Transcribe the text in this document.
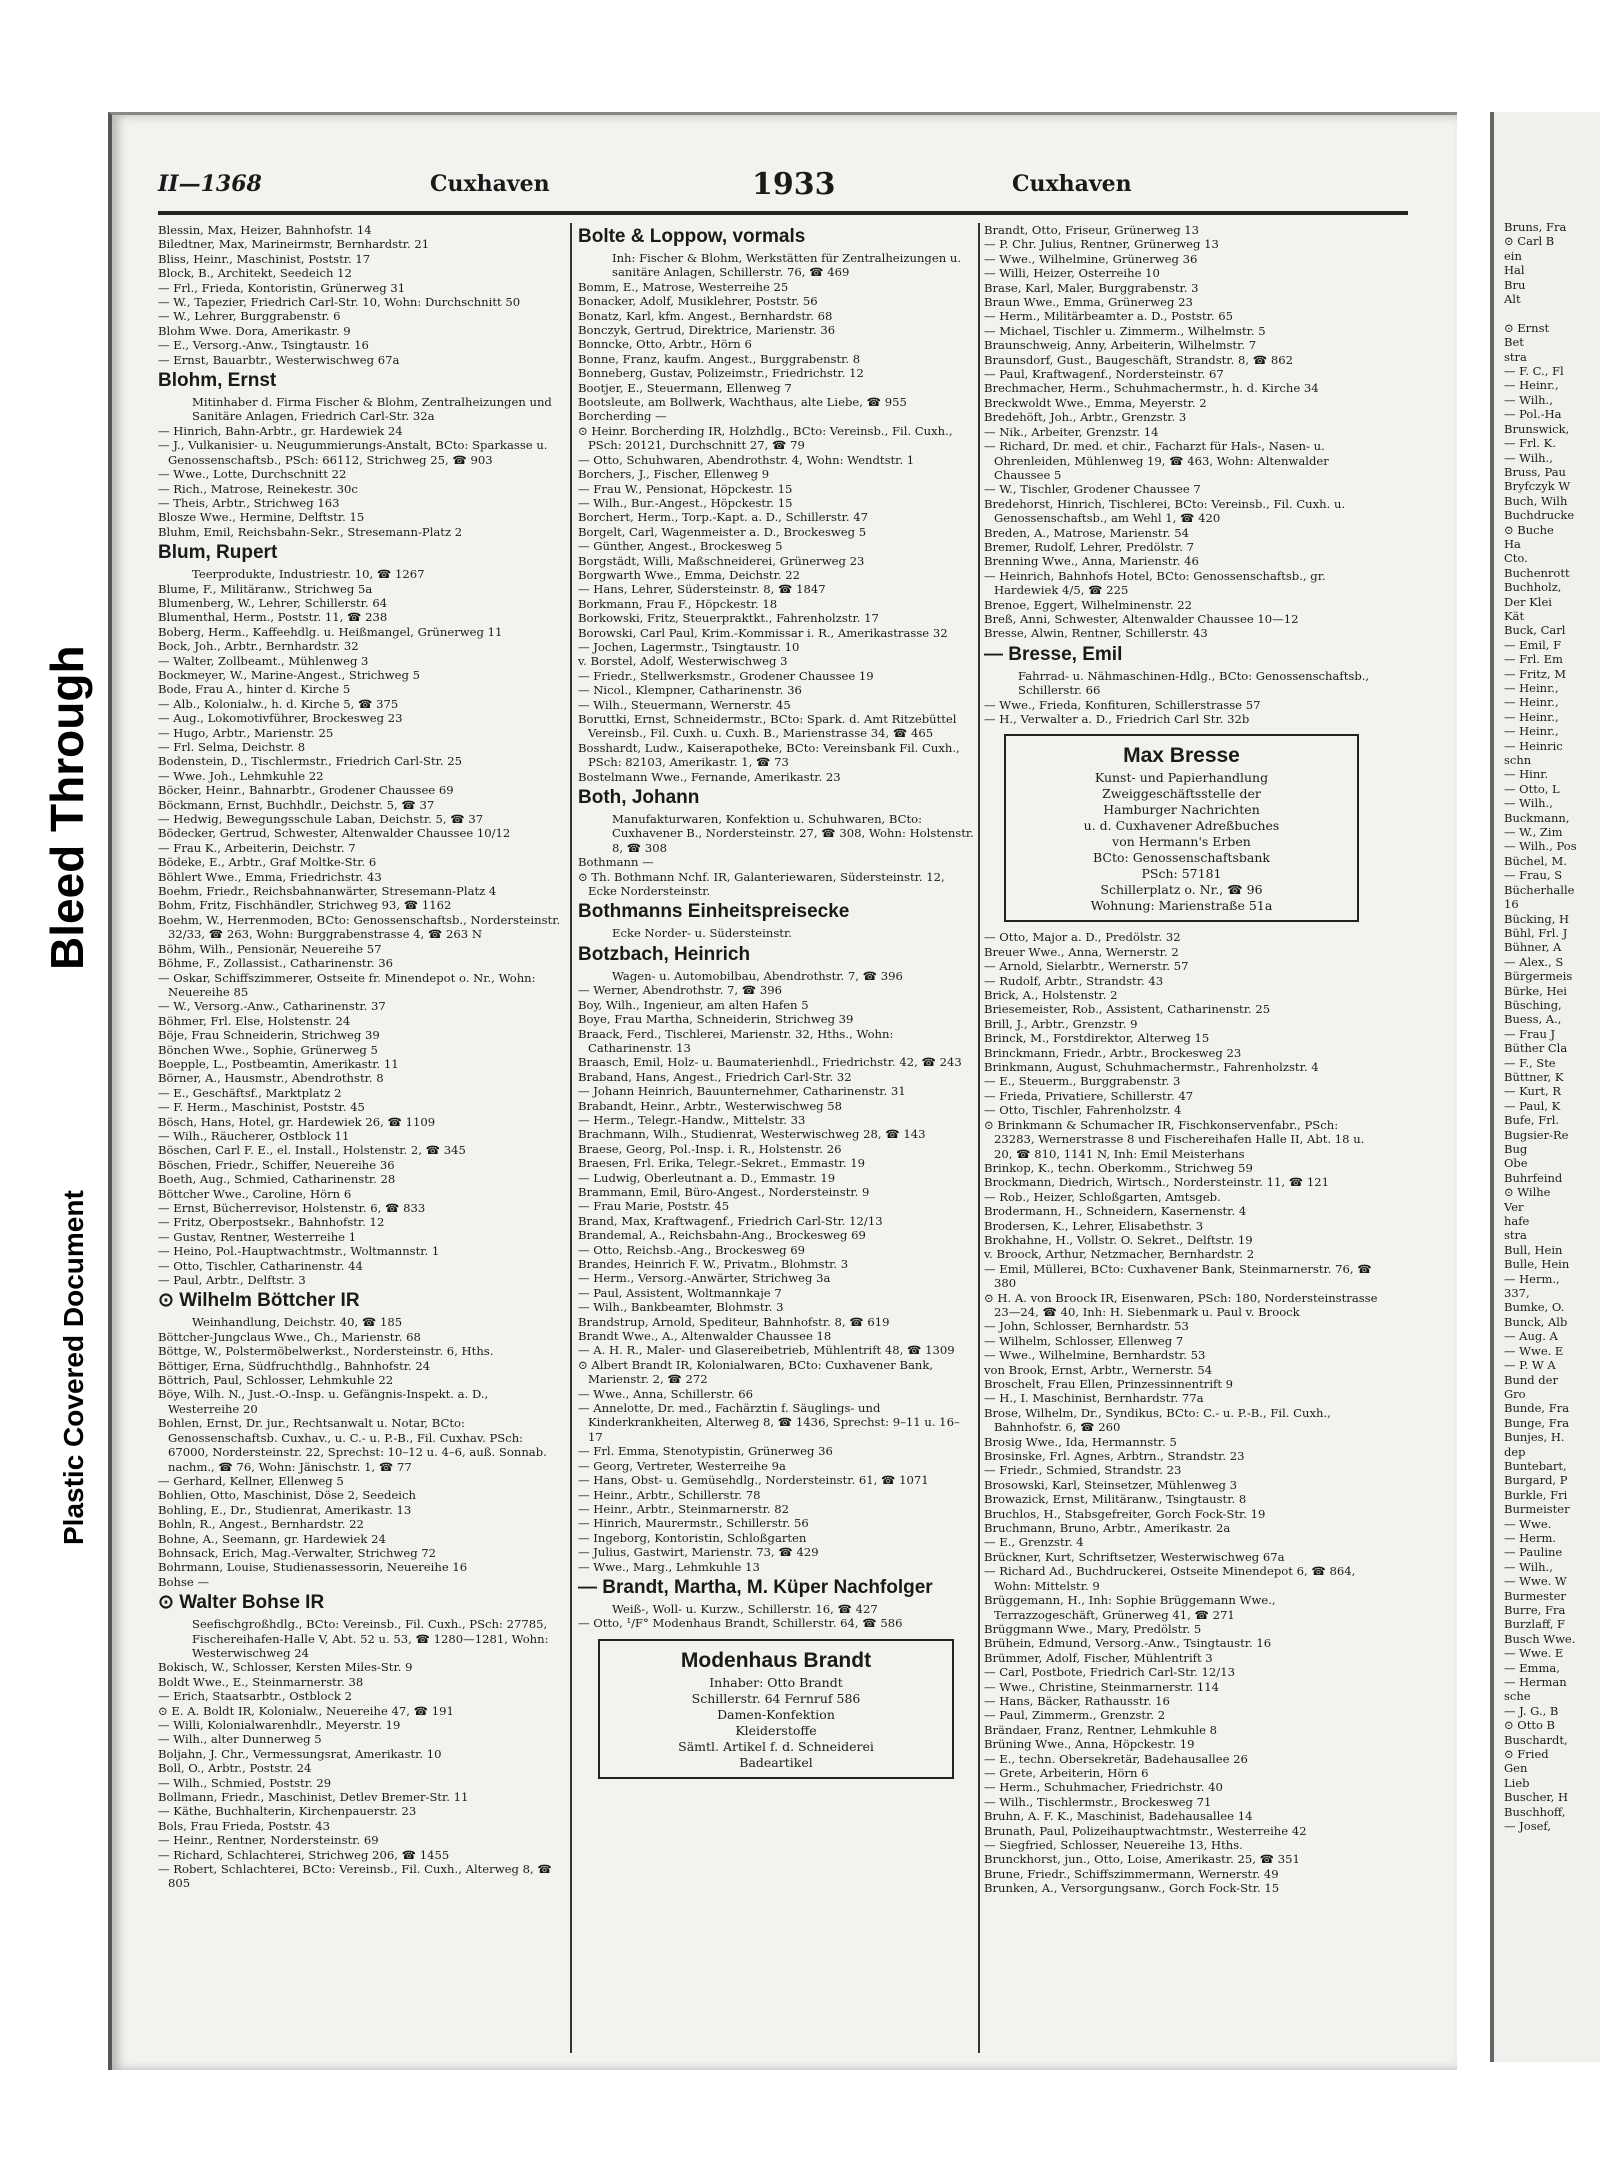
Bleed Through
Plastic Covered Document
II—1368	Cuxhaven	1933	Cuxhaven
Blessin, Max, Heizer, Bahnhofstr. 14
Biledtner, Max, Marineirmstr, Bernhardstr. 21
Bliss, Heinr., Maschinist, Poststr. 17
Block, B., Architekt, Seedeich 12
— Frl., Frieda, Kontoristin, Grünerweg 31
— W., Tapezier, Friedrich Carl-Str. 10, Wohn: Durchschnitt 50
— W., Lehrer, Burggrabenstr. 6
Blohm Wwe. Dora, Amerikastr. 9
— E., Versorg.-Anw., Tsingtaustr. 16
— Ernst, Bauarbtr., Westerwischweg 67a
Blohm, Ernst
Mitinhaber d. Firma Fischer & Blohm, Zentralheizungen und Sanitäre Anlagen, Friedrich Carl-Str. 32a
— Hinrich, Bahn-Arbtr., gr. Hardewiek 24
— J., Vulkanisier- u. Neugummierungs-Anstalt, BCto: Sparkasse u. Genossenschaftsb., PSch: 66112, Strichweg 25, ☎ 903
— Wwe., Lotte, Durchschnitt 22
— Rich., Matrose, Reinekestr. 30c
— Theis, Arbtr., Strichweg 163
Blosze Wwe., Hermine, Delftstr. 15
Bluhm, Emil, Reichsbahn-Sekr., Stresemann-Platz 2
Blum, Rupert
Teerprodukte, Industriestr. 10, ☎ 1267
Blume, F., Militäranw., Strichweg 5a
Blumenberg, W., Lehrer, Schillerstr. 64
Blumenthal, Herm., Poststr. 11, ☎ 238
Boberg, Herm., Kaffeehdlg. u. Heißmangel, Grünerweg 11
Bock, Joh., Arbtr., Bernhardstr. 32
— Walter, Zollbeamt., Mühlenweg 3
Bockmeyer, W., Marine-Angest., Strichweg 5
Bode, Frau A., hinter d. Kirche 5
— Alb., Kolonialw., h. d. Kirche 5, ☎ 375
— Aug., Lokomotivführer, Brockesweg 23
— Hugo, Arbtr., Marienstr. 25
— Frl. Selma, Deichstr. 8
Bodenstein, D., Tischlermstr., Friedrich Carl-Str. 25
— Wwe. Joh., Lehmkuhle 22
Böcker, Heinr., Bahnarbtr., Grodener Chaussee 69
Böckmann, Ernst, Buchhdlr., Deichstr. 5, ☎ 37
— Hedwig, Bewegungsschule Laban, Deichstr. 5, ☎ 37
Bödecker, Gertrud, Schwester, Altenwalder Chaussee 10/12
— Frau K., Arbeiterin, Deichstr. 7
Bödeke, E., Arbtr., Graf Moltke-Str. 6
Böhlert Wwe., Emma, Friedrichstr. 43
Boehm, Friedr., Reichsbahnanwärter, Stresemann-Platz 4
Bohm, Fritz, Fischhändler, Strichweg 93, ☎ 1162
Boehm, W., Herrenmoden, BCto: Genossenschaftsb., Nordersteinstr. 32/33, ☎ 263, Wohn: Burggrabenstrasse 4, ☎ 263 N
Böhm, Wilh., Pensionär, Neuereihe 57
Böhme, F., Zollassist., Catharinenstr. 36
— Oskar, Schiffszimmerer, Ostseite fr. Minendepot o. Nr., Wohn: Neuereihe 85
— W., Versorg.-Anw., Catharinenstr. 37
Böhmer, Frl. Else, Holstenstr. 24
Böje, Frau Schneiderin, Strichweg 39
Bönchen Wwe., Sophie, Grünerweg 5
Boepple, L., Postbeamtin, Amerikastr. 11
Börner, A., Hausmstr., Abendrothstr. 8
— E., Geschäftsf., Marktplatz 2
— F. Herm., Maschinist, Poststr. 45
Bösch, Hans, Hotel, gr. Hardewiek 26, ☎ 1109
— Wilh., Räucherer, Ostblock 11
Böschen, Carl F. E., el. Install., Holstenstr. 2, ☎ 345
Böschen, Friedr., Schiffer, Neuereihe 36
Boeth, Aug., Schmied, Catharinenstr. 28
Böttcher Wwe., Caroline, Hörn 6
— Ernst, Bücherrevisor, Holstenstr. 6, ☎ 833
— Fritz, Oberpostsekr., Bahnhofstr. 12
— Gustav, Rentner, Westerreihe 1
— Heino, Pol.-Hauptwachtmstr., Woltmannstr. 1
— Otto, Tischler, Catharinenstr. 44
— Paul, Arbtr., Delftstr. 3
⊙ Wilhelm Böttcher IR
Weinhandlung, Deichstr. 40, ☎ 185
Böttcher-Jungclaus Wwe., Ch., Marienstr. 68
Böttge, W., Polstermöbelwerkst., Nordersteinstr. 6, Hths.
Böttiger, Erna, Südfruchthdlg., Bahnhofstr. 24
Böttrich, Paul, Schlosser, Lehmkuhle 22
Böye, Wilh. N., Just.-O.-Insp. u. Gefängnis-Inspekt. a. D., Westerreihe 20
Bohlen, Ernst, Dr. jur., Rechtsanwalt u. Notar, BCto: Genossenschaftsb. Cuxhav., u. C.- u. P.-B., Fil. Cuxhav. PSch: 67000, Nordersteinstr. 22, Sprechst: 10–12 u. 4–6, auß. Sonnab. nachm., ☎ 76, Wohn: Jänischstr. 1, ☎ 77
— Gerhard, Kellner, Ellenweg 5
Bohlien, Otto, Maschinist, Döse 2, Seedeich
Bohling, E., Dr., Studienrat, Amerikastr. 13
Bohln, R., Angest., Bernhardstr. 22
Bohne, A., Seemann, gr. Hardewiek 24
Bohnsack, Erich, Mag.-Verwalter, Strichweg 72
Bohrmann, Louise, Studienassessorin, Neuereihe 16
Bohse —
⊙ Walter Bohse IR
Seefischgroßhdlg., BCto: Vereinsb., Fil. Cuxh., PSch: 27785, Fischereihafen-Halle V, Abt. 52 u. 53, ☎ 1280—1281, Wohn: Westerwischweg 24
Bokisch, W., Schlosser, Kersten Miles-Str. 9
Boldt Wwe., E., Steinmarnerstr. 38
— Erich, Staatsarbtr., Ostblock 2
⊙ E. A. Boldt IR, Kolonialw., Neuereihe 47, ☎ 191
— Willi, Kolonialwarenhdlr., Meyerstr. 19
— Wilh., alter Dunnerweg 5
Boljahn, J. Chr., Vermessungsrat, Amerikastr. 10
Boll, O., Arbtr., Poststr. 24
— Wilh., Schmied, Poststr. 29
Bollmann, Friedr., Maschinist, Detlev Bremer-Str. 11
— Käthe, Buchhalterin, Kirchenpauerstr. 23
Bols, Frau Frieda, Poststr. 43
— Heinr., Rentner, Nordersteinstr. 69
— Richard, Schlachterei, Strichweg 206, ☎ 1455
— Robert, Schlachterei, BCto: Vereinsb., Fil. Cuxh., Alterweg 8, ☎ 805
Bolte & Loppow, vormals
Inh: Fischer & Blohm, Werkstätten für Zentralheizungen u. sanitäre Anlagen, Schillerstr. 76, ☎ 469
Bomm, E., Matrose, Westerreihe 25
Bonacker, Adolf, Musiklehrer, Poststr. 56
Bonatz, Karl, kfm. Angest., Bernhardstr. 68
Bonczyk, Gertrud, Direktrice, Marienstr. 36
Bonncke, Otto, Arbtr., Hörn 6
Bonne, Franz, kaufm. Angest., Burggrabenstr. 8
Bonneberg, Gustav, Polizeimstr., Friedrichstr. 12
Bootjer, E., Steuermann, Ellenweg 7
Bootsleute, am Bollwerk, Wachthaus, alte Liebe, ☎ 955
Borcherding —
⊙ Heinr. Borcherding IR, Holzhdlg., BCto: Vereinsb., Fil. Cuxh., PSch: 20121, Durchschnitt 27, ☎ 79
— Otto, Schuhwaren, Abendrothstr. 4, Wohn: Wendtstr. 1
Borchers, J., Fischer, Ellenweg 9
— Frau W., Pensionat, Höpckestr. 15
— Wilh., Bur.-Angest., Höpckestr. 15
Borchert, Herm., Torp.-Kapt. a. D., Schillerstr. 47
Borgelt, Carl, Wagenmeister a. D., Brockesweg 5
— Günther, Angest., Brockesweg 5
Borgstädt, Willi, Maßschneiderei, Grünerweg 23
Borgwarth Wwe., Emma, Deichstr. 22
— Hans, Lehrer, Südersteinstr. 8, ☎ 1847
Borkmann, Frau F., Höpckestr. 18
Borkowski, Fritz, Steuerpraktkt., Fahrenholzstr. 17
Borowski, Carl Paul, Krim.-Kommissar i. R., Amerikastrasse 32
— Jochen, Lagermstr., Tsingtaustr. 10
v. Borstel, Adolf, Westerwischweg 3
— Friedr., Stellwerksmstr., Grodener Chaussee 19
— Nicol., Klempner, Catharinenstr. 36
— Wilh., Steuermann, Wernerstr. 45
Boruttki, Ernst, Schneidermstr., BCto: Spark. d. Amt Ritzebüttel Vereinsb., Fil. Cuxh. u. Cuxh. B., Marienstrasse 34, ☎ 465
Bosshardt, Ludw., Kaiserapotheke, BCto: Vereinsbank Fil. Cuxh., PSch: 82103, Amerikastr. 1, ☎ 73
Bostelmann Wwe., Fernande, Amerikastr. 23
Both, Johann
Manufakturwaren, Konfektion u. Schuhwaren, BCto: Cuxhavener B., Nordersteinstr. 27, ☎ 308, Wohn: Holstenstr. 8, ☎ 308
Bothmann —
⊙ Th. Bothmann Nchf. IR, Galanteriewaren, Südersteinstr. 12, Ecke Nordersteinstr.
Bothmanns Einheitspreisecke
Ecke Norder- u. Südersteinstr.
Botzbach, Heinrich
Wagen- u. Automobilbau, Abendrothstr. 7, ☎ 396
— Werner, Abendrothstr. 7, ☎ 396
Boy, Wilh., Ingenieur, am alten Hafen 5
Boye, Frau Martha, Schneiderin, Strichweg 39
Braack, Ferd., Tischlerei, Marienstr. 32, Hths., Wohn: Catharinenstr. 13
Braasch, Emil, Holz- u. Baumaterienhdl., Friedrichstr. 42, ☎ 243
Braband, Hans, Angest., Friedrich Carl-Str. 32
— Johann Heinrich, Bauunternehmer, Catharinenstr. 31
Brabandt, Heinr., Arbtr., Westerwischweg 58
— Herm., Telegr.-Handw., Mittelstr. 33
Brachmann, Wilh., Studienrat, Westerwischweg 28, ☎ 143
Braese, Georg, Pol.-Insp. i. R., Holstenstr. 26
Braesen, Frl. Erika, Telegr.-Sekret., Emmastr. 19
— Ludwig, Oberleutnant a. D., Emmastr. 19
Brammann, Emil, Büro-Angest., Nordersteinstr. 9
— Frau Marie, Poststr. 45
Brand, Max, Kraftwagenf., Friedrich Carl-Str. 12/13
Brandemal, A., Reichsbahn-Ang., Brockesweg 69
— Otto, Reichsb.-Ang., Brockesweg 69
Brandes, Heinrich F. W., Privatm., Blohmstr. 3
— Herm., Versorg.-Anwärter, Strichweg 3a
— Paul, Assistent, Woltmannkaje 7
— Wilh., Bankbeamter, Blohmstr. 3
Brandstrup, Arnold, Spediteur, Bahnhofstr. 8, ☎ 619
Brandt Wwe., A., Altenwalder Chaussee 18
— A. H. R., Maler- und Glasereibetrieb, Mühlentrift 48, ☎ 1309
⊙ Albert Brandt IR, Kolonialwaren, BCto: Cuxhavener Bank, Marienstr. 2, ☎ 272
— Wwe., Anna, Schillerstr. 66
— Annelotte, Dr. med., Fachärztin f. Säuglings- und Kinderkrankheiten, Alterweg 8, ☎ 1436, Sprechst: 9–11 u. 16–17
— Frl. Emma, Stenotypistin, Grünerweg 36
— Georg, Vertreter, Westerreihe 9a
— Hans, Obst- u. Gemüsehdlg., Nordersteinstr. 61, ☎ 1071
— Heinr., Arbtr., Schillerstr. 78
— Heinr., Arbtr., Steinmarnerstr. 82
— Hinrich, Maurermstr., Schillerstr. 56
— Ingeborg, Kontoristin, Schloßgarten
— Julius, Gastwirt, Marienstr. 73, ☎ 429
— Wwe., Marg., Lehmkuhle 13
— Brandt, Martha, M. Küper Nachfolger
Weiß-, Woll- u. Kurzw., Schillerstr. 16, ☎ 427
— Otto, ¹/F° Modenhaus Brandt, Schillerstr. 64, ☎ 586
Modenhaus Brandt
Inhaber: Otto Brandt
Schillerstr. 64 Fernruf 586
Damen-Konfektion
Kleiderstoffe
Sämtl. Artikel f. d. Schneiderei
Badeartikel
Brandt, Otto, Friseur, Grünerweg 13
— P. Chr. Julius, Rentner, Grünerweg 13
— Wwe., Wilhelmine, Grünerweg 36
— Willi, Heizer, Osterreihe 10
Brase, Karl, Maler, Burggrabenstr. 3
Braun Wwe., Emma, Grünerweg 23
— Herm., Militärbeamter a. D., Poststr. 65
— Michael, Tischler u. Zimmerm., Wilhelmstr. 5
Braunschweig, Anny, Arbeiterin, Wilhelmstr. 7
Braunsdorf, Gust., Baugeschäft, Strandstr. 8, ☎ 862
— Paul, Kraftwagenf., Nordersteinstr. 67
Brechmacher, Herm., Schuhmachermstr., h. d. Kirche 34
Breckwoldt Wwe., Emma, Meyerstr. 2
Bredehöft, Joh., Arbtr., Grenzstr. 3
— Nik., Arbeiter, Grenzstr. 14
— Richard, Dr. med. et chir., Facharzt für Hals-, Nasen- u. Ohrenleiden, Mühlenweg 19, ☎ 463, Wohn: Altenwalder Chaussee 5
— W., Tischler, Grodener Chaussee 7
Bredehorst, Hinrich, Tischlerei, BCto: Vereinsb., Fil. Cuxh. u. Genossenschaftsb., am Wehl 1, ☎ 420
Breden, A., Matrose, Marienstr. 54
Bremer, Rudolf, Lehrer, Predölstr. 7
Brenning Wwe., Anna, Marienstr. 46
— Heinrich, Bahnhofs Hotel, BCto: Genossenschaftsb., gr. Hardewiek 4/5, ☎ 225
Brenoe, Eggert, Wilhelminenstr. 22
Breß, Anni, Schwester, Altenwalder Chaussee 10—12
Bresse, Alwin, Rentner, Schillerstr. 43
— Bresse, Emil
Fahrrad- u. Nähmaschinen-Hdlg., BCto: Genossenschaftsb., Schillerstr. 66
— Wwe., Frieda, Konfituren, Schillerstrasse 57
— H., Verwalter a. D., Friedrich Carl Str. 32b
Max Bresse
Kunst- und Papierhandlung
Zweiggeschäftsstelle der
Hamburger Nachrichten
u. d. Cuxhavener Adreßbuches
von Hermann's Erben
BCto: Genossenschaftsbank
PSch: 57181
Schillerplatz o. Nr., ☎ 96
Wohnung: Marienstraße 51a
— Otto, Major a. D., Predölstr. 32
Breuer Wwe., Anna, Wernerstr. 2
— Arnold, Sielarbtr., Wernerstr. 57
— Rudolf, Arbtr., Strandstr. 43
Brick, A., Holstenstr. 2
Briesemeister, Rob., Assistent, Catharinenstr. 25
Brill, J., Arbtr., Grenzstr. 9
Brinck, M., Forstdirektor, Alterweg 15
Brinckmann, Friedr., Arbtr., Brockesweg 23
Brinkmann, August, Schuhmachermstr., Fahrenholzstr. 4
— E., Steuerm., Burggrabenstr. 3
— Frieda, Privatiere, Schillerstr. 47
— Otto, Tischler, Fahrenholzstr. 4
⊙ Brinkmann & Schumacher IR, Fischkonservenfabr., PSch: 23283, Wernerstrasse 8 und Fischereihafen Halle II, Abt. 18 u. 20, ☎ 810, 1141 N, Inh: Emil Meisterhans
Brinkop, K., techn. Oberkomm., Strichweg 59
Brockmann, Diedrich, Wirtsch., Nordersteinstr. 11, ☎ 121
— Rob., Heizer, Schloßgarten, Amtsgeb.
Brodermann, H., Schneidern, Kasernenstr. 4
Brodersen, K., Lehrer, Elisabethstr. 3
Brokhahne, H., Vollstr. O. Sekret., Delftstr. 19
v. Broock, Arthur, Netzmacher, Bernhardstr. 2
— Emil, Müllerei, BCto: Cuxhavener Bank, Steinmarnerstr. 76, ☎ 380
⊙ H. A. von Broock IR, Eisenwaren, PSch: 180, Nordersteinstrasse 23—24, ☎ 40, Inh: H. Siebenmark u. Paul v. Broock
— John, Schlosser, Bernhardstr. 53
— Wilhelm, Schlosser, Ellenweg 7
— Wwe., Wilhelmine, Bernhardstr. 53
von Brook, Ernst, Arbtr., Wernerstr. 54
Broschelt, Frau Ellen, Prinzessinnentrift 9
— H., I. Maschinist, Bernhardstr. 77a
Brose, Wilhelm, Dr., Syndikus, BCto: C.- u. P.-B., Fil. Cuxh., Bahnhofstr. 6, ☎ 260
Brosig Wwe., Ida, Hermannstr. 5
Brosinske, Frl. Agnes, Arbtrn., Strandstr. 23
— Friedr., Schmied, Strandstr. 23
Brosowski, Karl, Steinsetzer, Mühlenweg 3
Browazick, Ernst, Militäranw., Tsingtaustr. 8
Bruchlos, H., Stabsgefreiter, Gorch Fock-Str. 19
Bruchmann, Bruno, Arbtr., Amerikastr. 2a
— E., Grenzstr. 4
Brückner, Kurt, Schriftsetzer, Westerwischweg 67a
— Richard Ad., Buchdruckerei, Ostseite Minendepot 6, ☎ 864, Wohn: Mittelstr. 9
Brüggemann, H., Inh: Sophie Brüggemann Wwe., Terrazzogeschäft, Grünerweg 41, ☎ 271
Brüggmann Wwe., Mary, Predölstr. 5
Brühein, Edmund, Versorg.-Anw., Tsingtaustr. 16
Brümmer, Adolf, Fischer, Mühlentrift 3
— Carl, Postbote, Friedrich Carl-Str. 12/13
— Wwe., Christine, Steinmarnerstr. 114
— Hans, Bäcker, Rathausstr. 16
— Paul, Zimmerm., Grenzstr. 2
Brändaer, Franz, Rentner, Lehmkuhle 8
Brüning Wwe., Anna, Höpckestr. 19
— E., techn. Obersekretär, Badehausallee 26
— Grete, Arbeiterin, Hörn 6
— Herm., Schuhmacher, Friedrichstr. 40
— Wilh., Tischlermstr., Brockesweg 71
Bruhn, A. F. K., Maschinist, Badehausallee 14
Brunath, Paul, Polizeihauptwachtmstr., Westerreihe 42
— Siegfried, Schlosser, Neuereihe 13, Hths.
Brunckhorst, jun., Otto, Loise, Amerikastr. 25, ☎ 351
Brune, Friedr., Schiffszimmermann, Wernerstr. 49
Brunken, A., Versorgungsanw., Gorch Fock-Str. 15
Bruns, Fra
⊙ Carl B
ein
Hal
Bru
Alt

⊙ Ernst
Bet
stra
— F. C., Fl
— Heinr.,
— Wilh.,
— Pol.-Ha
Brunswick,
— Frl. K.
— Wilh.,
Bruss, Pau
Bryfczyk W
Buch, Wilh
Buchdrucke
⊙ Buche
Ha
Cto.
Buchenrott
Buchholz,
Der Klei
Kät
Buck, Carl
— Emil, F
— Frl. Em
— Fritz, M
— Heinr.,
— Heinr.,
— Heinr.,
— Heinr.,
— Heinric
schn
— Hinr.
— Otto, L
— Wilh.,
Buckmann,
— W., Zim
— Wilh., Pos
Büchel, M.
— Frau, S
Bücherhalle
16
Bücking, H
Bühl, Frl. J
Bühner, A
— Alex., S
Bürgermeis
Bürke, Hei
Büsching,
Buess, A.,
— Frau J
Büther Cla
— F., Ste
Büttner, K
— Kurt, R
— Paul, K
Bufe, Frl.
Bugsier-Re
Bug
Obe
Buhrfeind
⊙ Wilhe
Ver
hafe
stra
Bull, Hein
Bulle, Hein
— Herm.,
337,
Bumke, O.
Bunck, Alb
— Aug. A
— Wwe. E
— P. W A
Bund der
Gro
Bunde, Fra
Bunge, Fra
Bunjes, H.
dep
Buntebart,
Burgard, P
Burkle, Fri
Burmeister
— Wwe.
— Herm.
— Pauline
— Wilh.,
— Wwe. W
Burmester
Burre, Fra
Burzlaff, F
Busch Wwe.
— Wwe. E
— Emma,
— Herman
sche
— J. G., B
⊙ Otto B
Buschardt,
⊙ Fried
Gen
Lieb
Buscher, H
Buschhoff,
— Josef,
